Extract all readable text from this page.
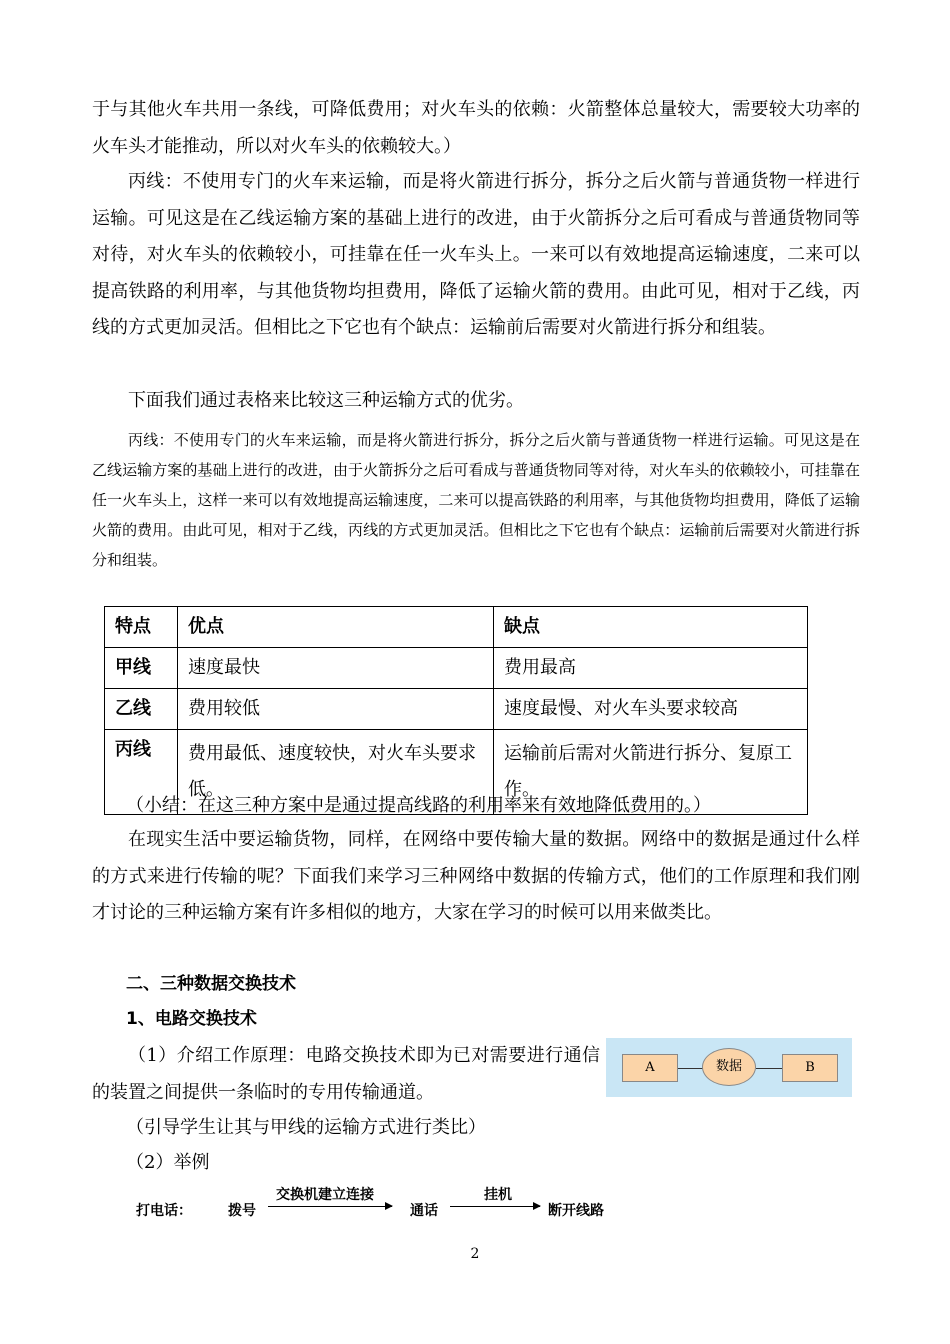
于与其他火车共用一条线，可降低费用；对火车头的依赖：火箭整体总量较大，需要较大功率的火车头才能推动，所以对火车头的依赖较大。）

丙线：不使用专门的火车来运输，而是将火箭进行拆分，拆分之后火箭与普通货物一样进行运输。可见这是在乙线运输方案的基础上进行的改进，由于火箭拆分之后可看成与普通货物同等对待，对火车头的依赖较小，可挂靠在任一火车头上。一来可以有效地提高运输速度，二来可以提高铁路的利用率，与其他货物均担费用，降低了运输火箭的费用。由此可见，相对于乙线，丙线的方式更加灵活。但相比之下它也有个缺点：运输前后需要对火箭进行拆分和组装。

下面我们通过表格来比较这三种运输方式的优劣。

丙线：不使用专门的火车来运输，而是将火箭进行拆分，拆分之后火箭与普通货物一样进行运输。可见这是在乙线运输方案的基础上进行的改进，由于火箭拆分之后可看成与普通货物同等对待，对火车头的依赖较小，可挂靠在任一火车头上，这样一来可以有效地提高运输速度，二来可以提高铁路的利用率，与其他货物均担费用，降低了运输火箭的费用。由此可见，相对于乙线，丙线的方式更加灵活。但相比之下它也有个缺点：运输前后需要对火箭进行拆分和组装。

特点	优点	缺点
甲线	速度最快	费用最高
乙线	费用较低	速度最慢、对火车头要求较高
丙线	费用最低、速度较快，对火车头要求低。	运输前后需对火箭进行拆分、复原工作。

（小结：在这三种方案中是通过提高线路的利用率来有效地降低费用的。）

在现实生活中要运输货物，同样，在网络中要传输大量的数据。网络中的数据是通过什么样的方式来进行传输的呢？下面我们来学习三种网络中数据的传输方式，他们的工作原理和我们刚才讨论的三种运输方案有许多相似的地方，大家在学习的时候可以用来做类比。

二、三种数据交换技术

1、电路交换技术

（1）介绍工作原理：电路交换技术即为已对需要进行通信的装置之间提供一条临时的专用传输通道。

（引导学生让其与甲线的运输方式进行类比）

（2）举例

A	数据	B
打电话：	拨号
交换机建立连接
通话
挂机
断开线路
2
